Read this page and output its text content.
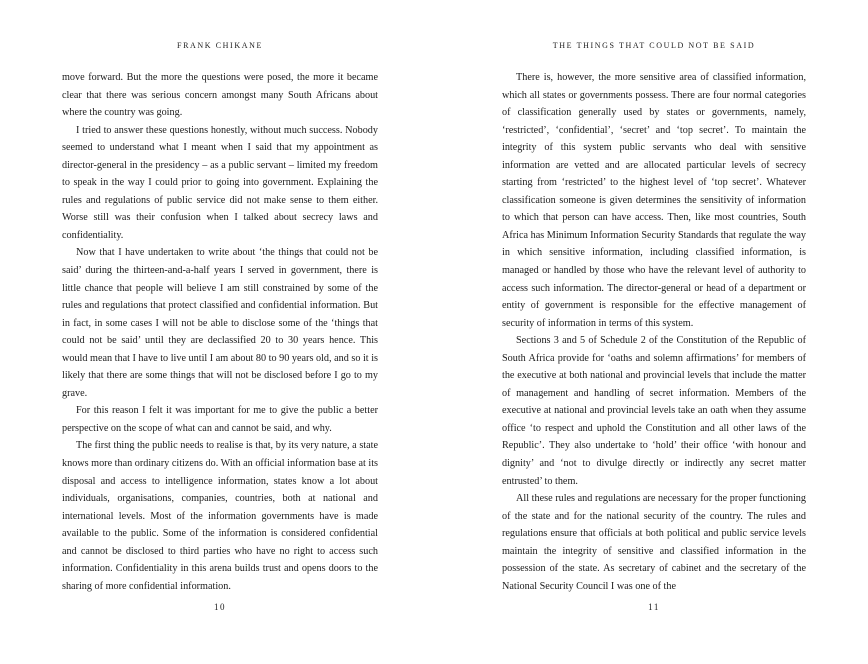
FRANK CHIKANE

move forward. But the more the questions were posed, the more it became clear that there was serious concern amongst many South Africans about where the country was going.

I tried to answer these questions honestly, without much success. Nobody seemed to understand what I meant when I said that my appointment as director-general in the presidency – as a public servant – limited my freedom to speak in the way I could prior to going into government. Explaining the rules and regulations of public service did not make sense to them either. Worse still was their confusion when I talked about secrecy laws and confidentiality.

Now that I have undertaken to write about ‘the things that could not be said’ during the thirteen-and-a-half years I served in government, there is little chance that people will believe I am still constrained by some of the rules and regulations that protect classified and confidential information. But in fact, in some cases I will not be able to disclose some of the ‘things that could not be said’ until they are declassified 20 to 30 years hence. This would mean that I have to live until I am about 80 to 90 years old, and so it is likely that there are some things that will not be disclosed before I go to my grave.

For this reason I felt it was important for me to give the public a better perspective on the scope of what can and cannot be said, and why.

The first thing the public needs to realise is that, by its very nature, a state knows more than ordinary citizens do. With an official information base at its disposal and access to intelligence information, states know a lot about individuals, organisations, companies, countries, both at national and international levels. Most of the information governments have is made available to the public. Some of the information is considered confidential and cannot be disclosed to third parties who have no right to access such information. Confidentiality in this arena builds trust and opens doors to the sharing of more confidential information.

10
THE THINGS THAT COULD NOT BE SAID

There is, however, the more sensitive area of classified information, which all states or governments possess. There are four normal categories of classification generally used by states or governments, namely, ‘restricted’, ‘confidential’, ‘secret’ and ‘top secret’. To maintain the integrity of this system public servants who deal with sensitive information are vetted and are allocated particular levels of secrecy starting from ‘restricted’ to the highest level of ‘top secret’. Whatever classification someone is given determines the sensitivity of information to which that person can have access. Then, like most countries, South Africa has Minimum Information Security Standards that regulate the way in which sensitive information, including classified information, is managed or handled by those who have the relevant level of authority to access such information. The director-general or head of a department or entity of government is responsible for the effective management of security of information in terms of this system.

Sections 3 and 5 of Schedule 2 of the Constitution of the Republic of South Africa provide for ‘oaths and solemn affirmations’ for members of the executive at both national and provincial levels that include the matter of management and handling of secret information. Members of the executive at national and provincial levels take an oath when they assume office ‘to respect and uphold the Constitution and all other laws of the Republic’. They also undertake to ‘hold’ their office ‘with honour and dignity’ and ‘not to divulge directly or indirectly any secret matter entrusted’ to them.

All these rules and regulations are necessary for the proper functioning of the state and for the national security of the country. The rules and regulations ensure that officials at both political and public service levels maintain the integrity of sensitive and classified information in the possession of the state. As secretary of cabinet and the secretary of the National Security Council I was one of the

11
